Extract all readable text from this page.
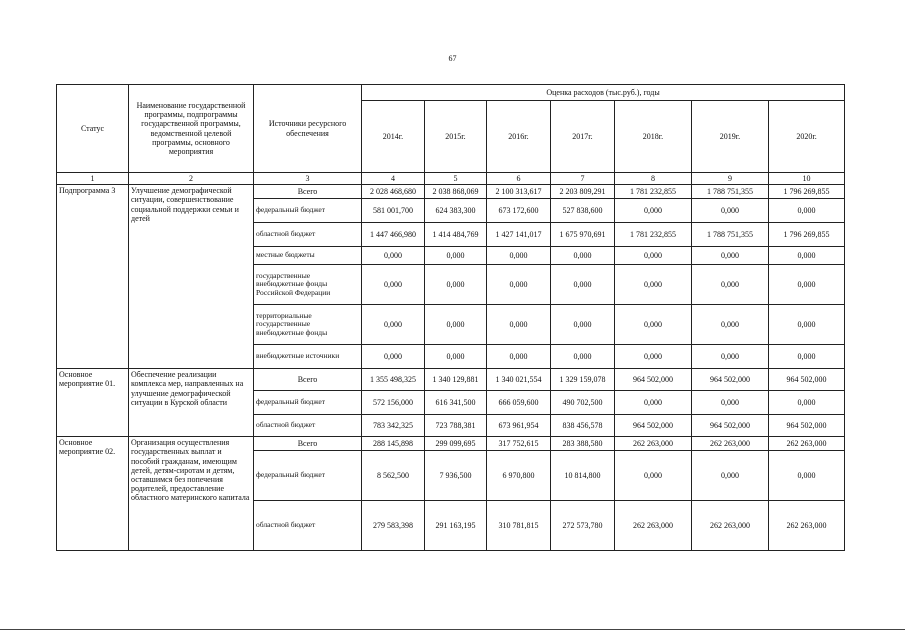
67
Статус	Наименование государственной программы, подпрограммы государственной программы, ведомственной целевой программы, основного мероприятия	Источники ресурсного обеспечения	Оценка расходов (тыс.руб.), годы						
			2014г.	2015г.	2016г.	2017г.	2018г.	2019г.	2020г.
1	2	3	4	5	6	7	8	9	10
Подпрограмма 3	Улучшение демографической ситуации, совершенствование социальной поддержки семьи и детей	Всего	2 028 468,680	2 038 868,069	2 100 313,617	2 203 809,291	1 781 232,855	1 788 751,355	1 796 269,855
		федеральный бюджет	581 001,700	624 383,300	673 172,600	527 838,600	0,000	0,000	0,000
		областной бюджет	1 447 466,980	1 414 484,769	1 427 141,017	1 675 970,691	1 781 232,855	1 788 751,355	1 796 269,855
		местные бюджеты	0,000	0,000	0,000	0,000	0,000	0,000	0,000
		государственные внебюджетные фонды Российской Федерации	0,000	0,000	0,000	0,000	0,000	0,000	0,000
		территориальные государственные внебюджетные фонды	0,000	0,000	0,000	0,000	0,000	0,000	0,000
		внебюджетные источники	0,000	0,000	0,000	0,000	0,000	0,000	0,000
Основное мероприятие 01.	Обеспечение реализации комплекса мер, направленных на улучшение демографической ситуации в Курской области	Всего	1 355 498,325	1 340 129,881	1 340 021,554	1 329 159,078	964 502,000	964 502,000	964 502,000
		федеральный бюджет	572 156,000	616 341,500	666 059,600	490 702,500	0,000	0,000	0,000
		областной бюджет	783 342,325	723 788,381	673 961,954	838 456,578	964 502,000	964 502,000	964 502,000
Основное мероприятие 02.	Организация осуществления государственных выплат и пособий гражданам, имеющим детей, детям-сиротам и детям, оставшимся без попечения родителей, предоставление областного материнского капитала	Всего	288 145,898	299 099,695	317 752,615	283 388,580	262 263,000	262 263,000	262 263,000
		федеральный бюджет	8 562,500	7 936,500	6 970,800	10 814,800	0,000	0,000	0,000
		областной бюджет	279 583,398	291 163,195	310 781,815	272 573,780	262 263,000	262 263,000	262 263,000
